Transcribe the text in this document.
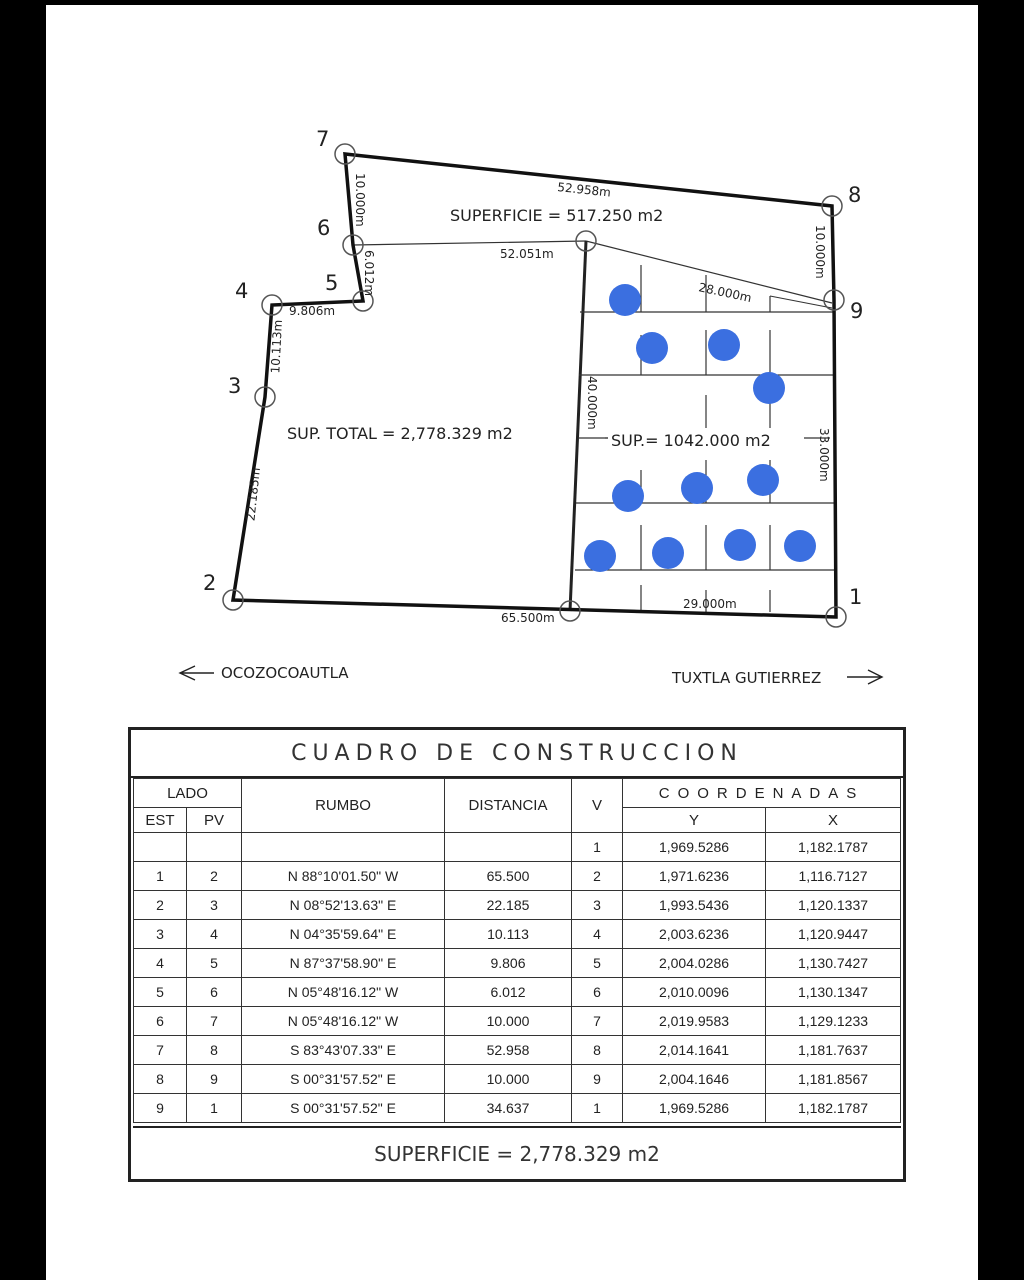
1
2
3
4	5
6
7
8
9
52.958m
10.000m
6.012m	10.000m
9.806m
10.113m
22.185m
65.500m
52.051m
28.000m
40.000m
33.000m
29.000m
SUPERFICIE = 517.250 m2
SUP. TOTAL = 2,778.329 m2	SUP.= 1042.000 m2
OCOZOCOAUTLA	TUXTLA GUTIERREZ
CUADRO DE CONSTRUCCION
LADO		RUMBO	DISTANCIA	V	COORDENADAS	
EST	PV				Y	X
				1	1,969.5286	1,182.1787
1	2	N 88°10'01.50" W	65.500	2	1,971.6236	1,116.7127
2	3	N 08°52'13.63" E	22.185	3	1,993.5436	1,120.1337
3	4	N 04°35'59.64" E	10.113	4	2,003.6236	1,120.9447
4	5	N 87°37'58.90" E	9.806	5	2,004.0286	1,130.7427
5	6	N 05°48'16.12" W	6.012	6	2,010.0096	1,130.1347
6	7	N 05°48'16.12" W	10.000	7	2,019.9583	1,129.1233
7	8	S 83°43'07.33" E	52.958	8	2,014.1641	1,181.7637
8	9	S 00°31'57.52" E	10.000	9	2,004.1646	1,181.8567
9	1	S 00°31'57.52" E	34.637	1	1,969.5286	1,182.1787
SUPERFICIE = 2,778.329 m2
